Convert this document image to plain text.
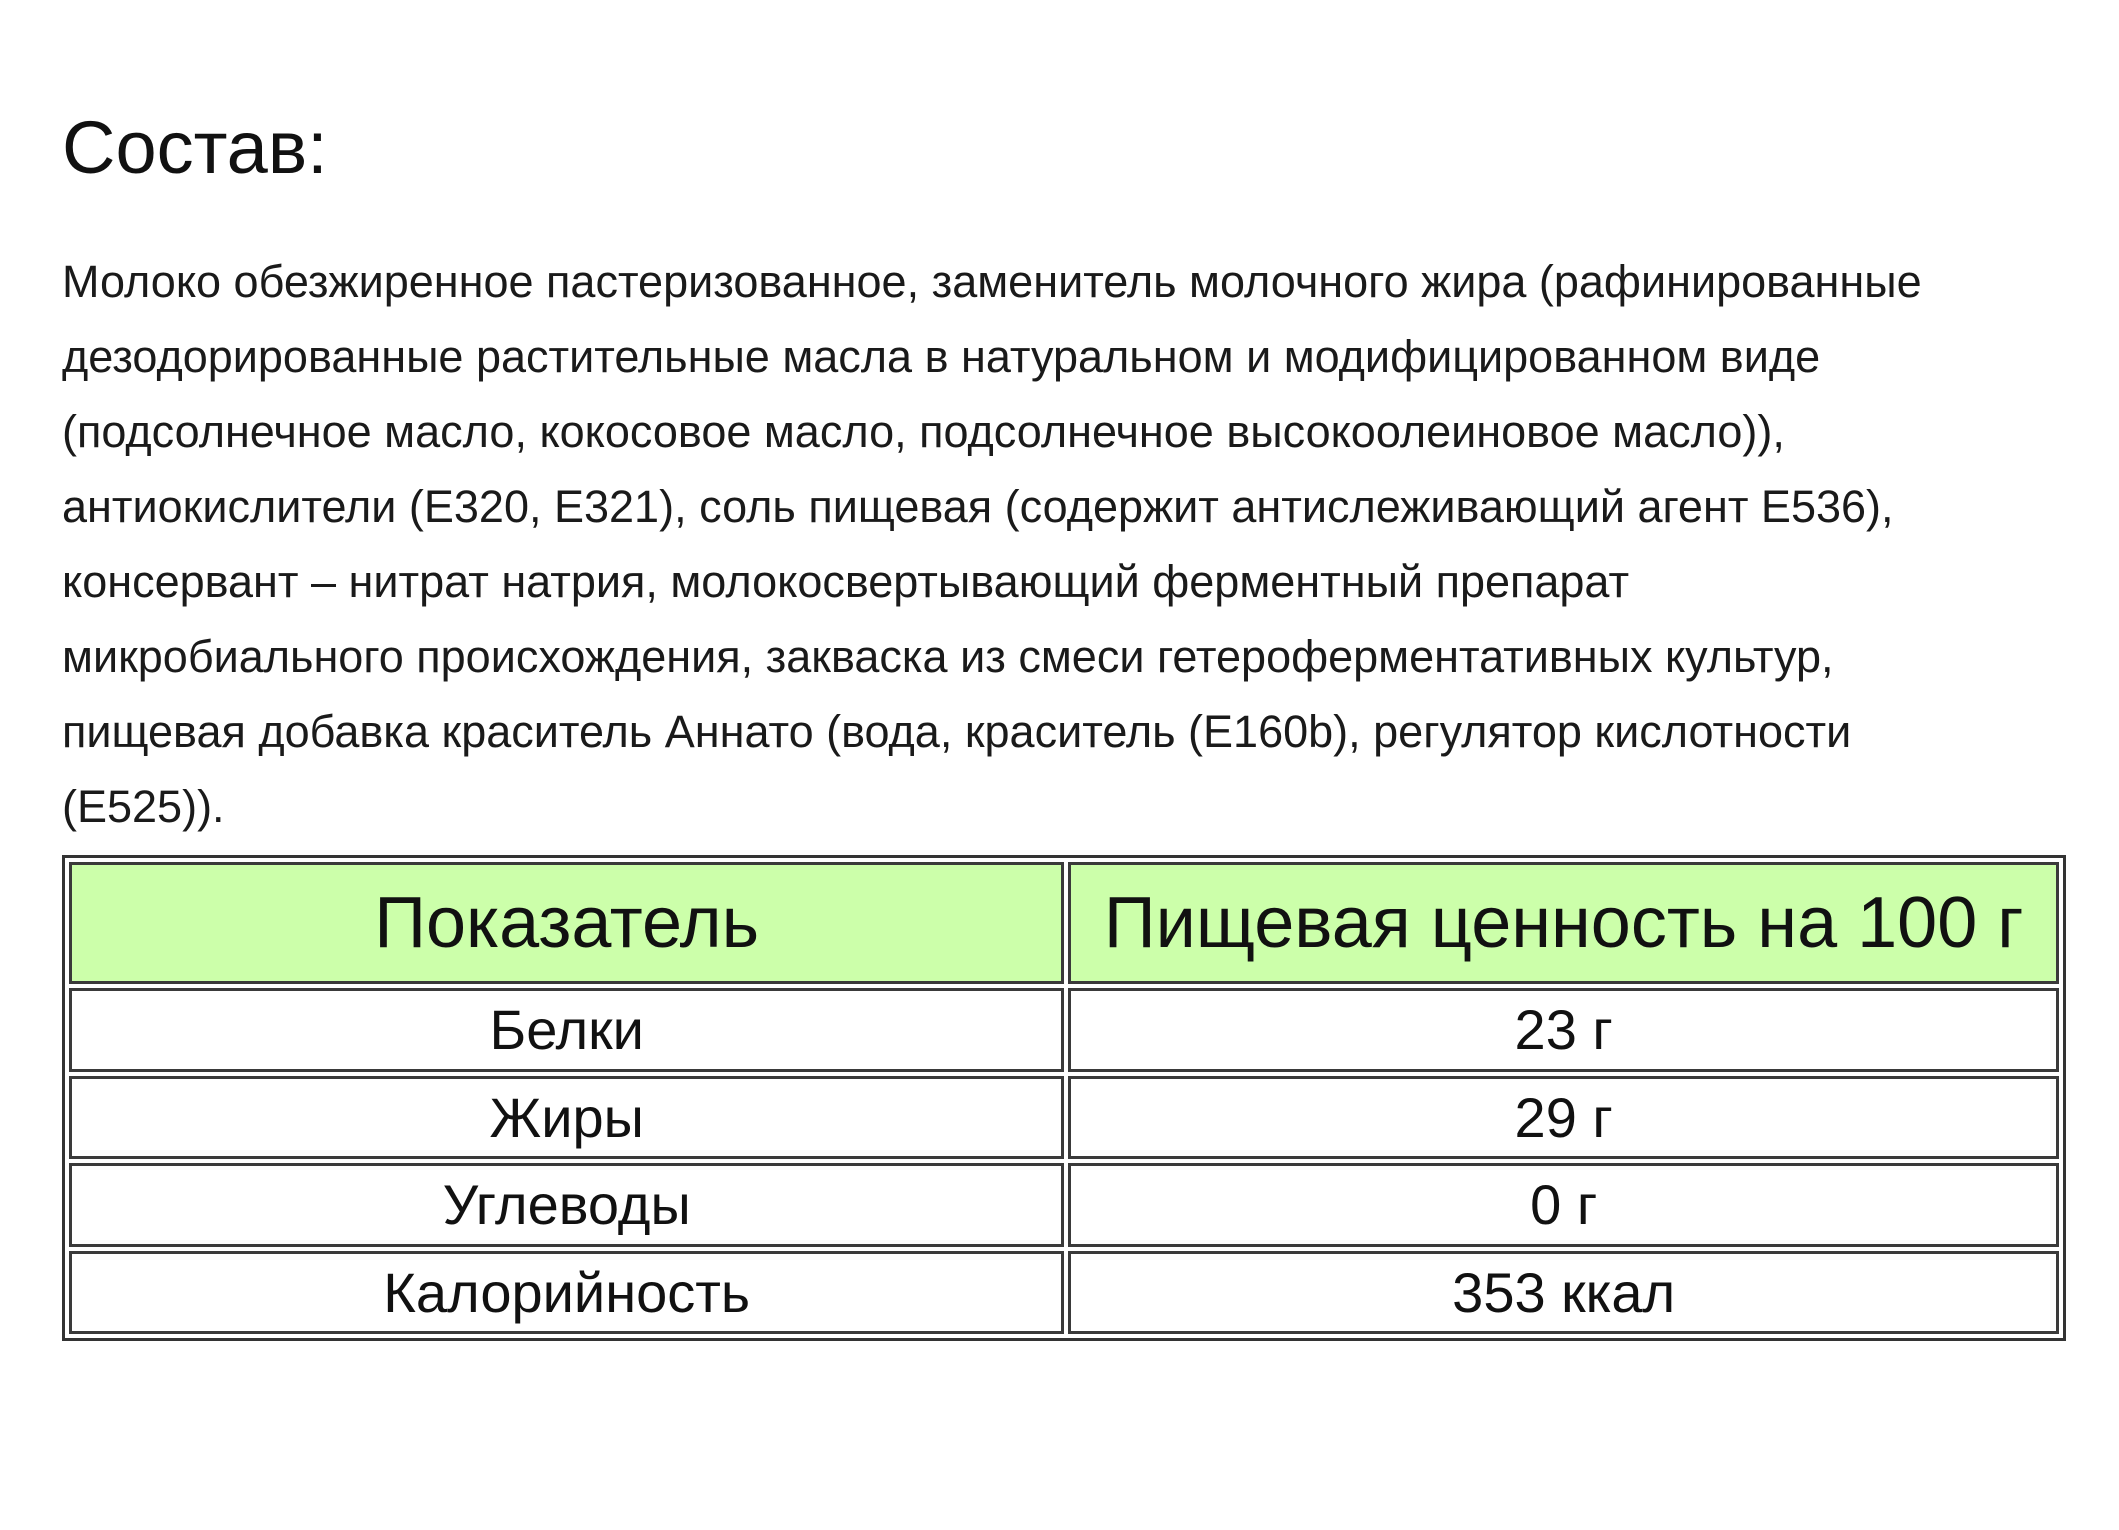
Состав:

Молоко обезжиренное пастеризованное, заменитель молочного жира (рафинированные
дезодорированные растительные масла в натуральном и модифицированном виде
(подсолнечное масло, кокосовое масло, подсолнечное высокоолеиновое масло)),
антиокислители (Е320, Е321), соль пищевая (содержит антислеживающий агент Е536),
консервант – нитрат натрия, молокосвертывающий ферментный препарат
микробиального происхождения, закваска из смеси гетероферментативных культур,
пищевая добавка краситель Аннато (вода, краситель (Е160b), регулятор кислотности
(Е525)).

Показатель	Пищевая ценность на 100 г
Белки	23 г
Жиры	29 г
Углеводы	0 г
Калорийность	353 ккал
